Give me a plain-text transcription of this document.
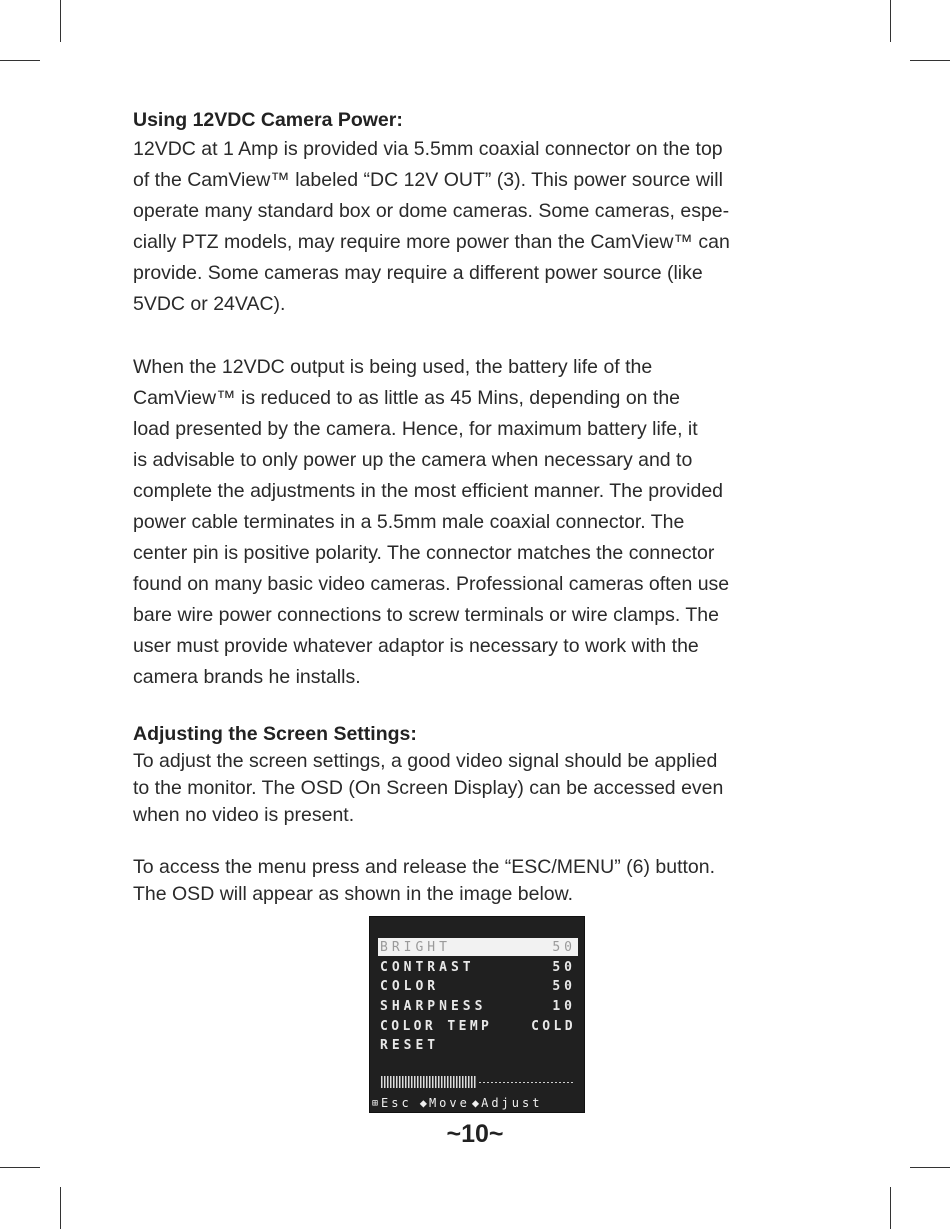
Using 12VDC Camera Power:

12VDC at 1 Amp is provided via 5.5mm coaxial connector on the top

of the CamView™ labeled “DC 12V OUT” (3). This power source will

operate many standard box or dome cameras. Some cameras, espe-

cially PTZ models, may require more power than the CamView™ can

provide. Some cameras may require a different power source (like

5VDC or 24VAC).

When the 12VDC output is being used, the battery life of the

CamView™ is reduced to as little as 45 Mins, depending on the

load presented by the camera. Hence, for maximum battery life, it

is advisable to only power up the camera when necessary and to

complete the adjustments in the most efficient manner. The provided

power cable terminates in a 5.5mm male coaxial connector. The

center pin is positive polarity. The connector matches the connector

found on many basic video cameras. Professional cameras often use

bare wire power connections to screw terminals or wire clamps. The

user must provide whatever adaptor is necessary to work with the

camera brands he installs.

Adjusting the Screen Settings:

To adjust the screen settings, a good video signal should be applied

to the monitor. The OSD (On Screen Display) can be accessed even

when no video is present.

To access the menu press and release the “ESC/MENU” (6) button.

The OSD will appear as shown in the image below.

BRIGHT	50
CONTRAST	50
COLOR	50
SHARPNESS	10
COLOR TEMP	COLD
RESET
⊞ Esc ◆ Move ◆ Adjust
~10~
